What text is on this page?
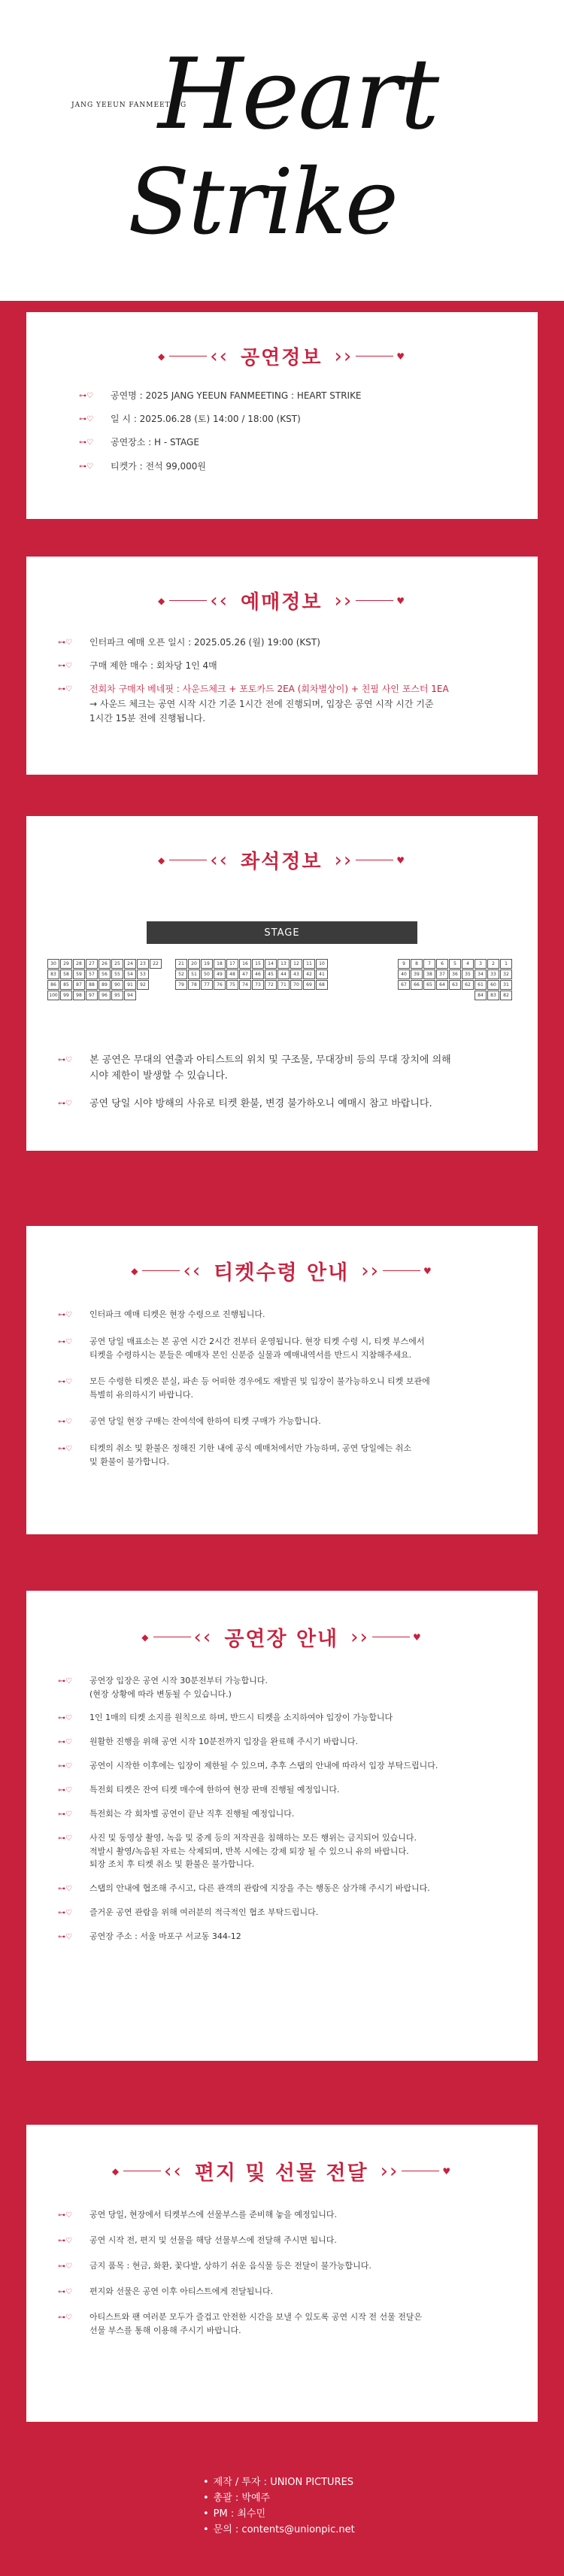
JANG YEEUN FANMEETING
Heart
Strike
◆ ‹‹ 공연정보 ››	♥
⊶♡	공연명 : 2025 JANG YEEUN FANMEETING : HEART STRIKE
⊶♡	일 시 : 2025.06.28 (토) 14:00 / 18:00 (KST)
⊶♡	공연장소 : H - STAGE
⊶♡	티켓가 : 전석 99,000원
◆ ‹‹ 예매정보 ››	♥
⊶♡	인터파크 예매 오픈 일시 : 2025.05.26 (월) 19:00 (KST)
⊶♡	구매 제한 매수 : 회차당 1인 4매
⊶♡	전회차 구매자 베네핏 : 사운드체크 + 포토카드 2EA (회차별상이) + 친필 사인 포스터 1EA
→ 사운드 체크는 공연 시작 시간 기준 1시간 전에 진행되며, 입장은 공연 시작 시간 기준
1시간 15분 전에 진행됩니다.
◆ ‹‹ 좌석정보 ››	♥
STAGE
30	29	28	27	26	25	24	23	22
83	58	59	57	56	55	54	53
86	85	87	88	89	90	91	92
100	99	98	97	96	95	94
21	20	19	18	17	16	15	14	13	12	11	10
52	51	50	49	48	47	46	45	44	43	42	41
79	78	77	76	75	74	73	72	71	70	69	68
9	8	7	6	5	4	3	2	1
40	39	38	37	36	35	34	33	32
67	66	65	64	63	62	61	60	31
84	83	82
⊶♡	본 공연은 무대의 연출과 아티스트의 위치 및 구조물, 무대장비 등의 무대 장치에 의해
시야 제한이 발생할 수 있습니다.
⊶♡	공연 당일 시야 방해의 사유로 티켓 환불, 변경 불가하오니 예매시 참고 바랍니다.
◆ ‹‹ 티켓수령 안내 ››	♥
⊶♡	인터파크 예매 티켓은 현장 수령으로 진행됩니다.
⊶♡	공연 당일 매표소는 본 공연 시간 2시간 전부터 운영됩니다. 현장 티켓 수령 시, 티켓 부스에서
티켓을 수령하시는 분들은 예매자 본인 신분증 실물과 예매내역서를 반드시 지참해주세요.
⊶♡	모든 수령한 티켓은 분실, 파손 등 어떠한 경우에도 재발권 및 입장이 불가능하오니 티켓 보관에
특별히 유의하시기 바랍니다.
⊶♡	공연 당일 현장 구매는 잔여석에 한하여 티켓 구매가 가능합니다.
⊶♡	티켓의 취소 및 환불은 정해진 기한 내에 공식 예매처에서만 가능하며, 공연 당일에는 취소
및 환불이 불가합니다.
◆ ‹‹ 공연장 안내 ››	♥
⊶♡	공연장 입장은 공연 시작 30분전부터 가능합니다.
(현장 상황에 따라 변동될 수 있습니다.)
⊶♡	1인 1매의 티켓 소지를 원칙으로 하며, 반드시 티켓을 소지하여야 입장이 가능합니다
⊶♡	원활한 진행을 위해 공연 시작 10분전까지 입장을 완료해 주시기 바랍니다.
⊶♡	공연이 시작한 이후에는 입장이 제한될 수 있으며, 추후 스탭의 안내에 따라서 입장 부탁드립니다.
⊶♡	특전회 티켓은 잔여 티켓 매수에 한하여 현장 판매 진행될 예정입니다.
⊶♡	특전회는 각 회차별 공연이 끝난 직후 진행될 예정입니다.
⊶♡	사진 및 동영상 촬영, 녹음 및 중계 등의 저작권을 침해하는 모든 행위는 금지되어 있습니다.
적발시 촬영/녹음된 자료는 삭제되며, 반복 시에는 강제 퇴장 될 수 있으니 유의 바랍니다.
퇴장 조치 후 티켓 취소 및 환불은 불가합니다.
⊶♡	스탭의 안내에 협조해 주시고, 다른 관객의 관람에 지장을 주는 행동은 삼가해 주시기 바랍니다.
⊶♡	즐거운 공연 관람을 위해 여러분의 적극적인 협조 부탁드립니다.
⊶♡	공연장 주소 : 서울 마포구 서교동 344-12
◆ ‹‹ 편지 및 선물 전달 ››	♥
⊶♡	공연 당일, 현장에서 티켓부스에 선물부스를 준비해 놓을 예정입니다.
⊶♡	공연 시작 전, 편지 및 선물을 해당 선물부스에 전달해 주시면 됩니다.
⊶♡	금지 품목 : 현금, 화환, 꽃다발, 상하기 쉬운 음식물 등은 전달이 불가능합니다.
⊶♡	편지와 선물은 공연 이후 아티스트에게 전달됩니다.
⊶♡	아티스트와 팬 여러분 모두가 즐겁고 안전한 시간을 보낼 수 있도록 공연 시작 전 선물 전달은
선물 부스를 통해 이용해 주시기 바랍니다.
• 제작 / 투자 : UNION PICTURES
• 총괄 : 박예주
• PM : 최수민
• 문의 : contents@unionpic.net
